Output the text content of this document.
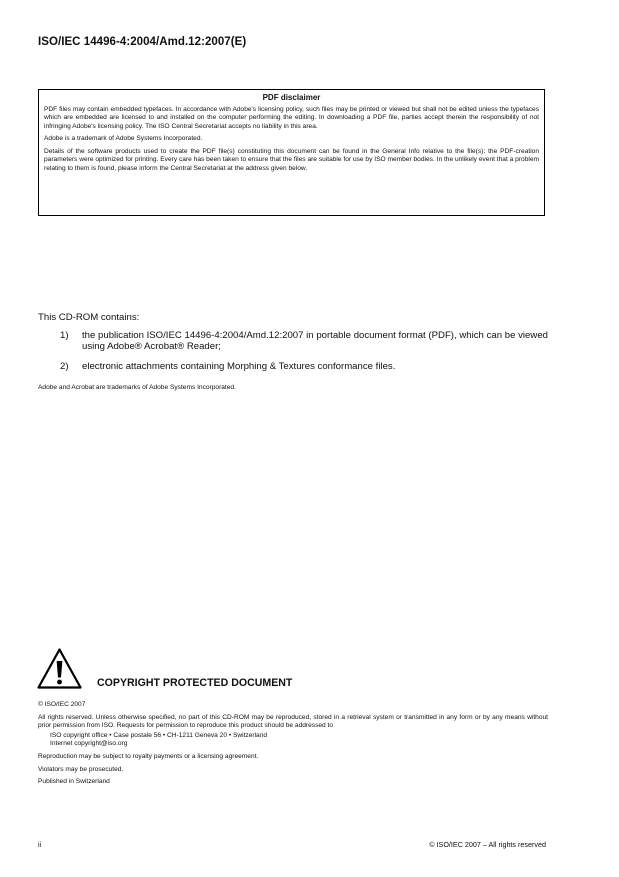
ISO/IEC 14496-4:2004/Amd.12:2007(E)
PDF disclaimer

PDF files may contain embedded typefaces. In accordance with Adobe's licensing policy, such files may be printed or viewed but shall not be edited unless the typefaces which are embedded are licensed to and installed on the computer performing the editing. In downloading a PDF file, parties accept therein the responsibility of not infringing Adobe's licensing policy. The ISO Central Secretariat accepts no liability in this area.

Adobe is a trademark of Adobe Systems Incorporated.

Details of the software products used to create the PDF file(s) constituting this document can be found in the General Info relative to the file(s); the PDF-creation parameters were optimized for printing. Every care has been taken to ensure that the files are suitable for use by ISO member bodies. In the unlikely event that a problem relating to them is found, please inform the Central Secretariat at the address given below.

This CD-ROM contains:
1) the publication ISO/IEC 14496-4:2004/Amd.12:2007 in portable document format (PDF), which can be viewed using Adobe® Acrobat® Reader;
2) electronic attachments containing Morphing & Textures conformance files.
Adobe and Acrobat are trademarks of Adobe Systems Incorporated.
COPYRIGHT PROTECTED DOCUMENT

© ISO/IEC 2007

All rights reserved. Unless otherwise specified, no part of this CD-ROM may be reproduced, stored in a retrieval system or transmitted in any form or by any means without prior permission from ISO. Requests for permission to reproduce this product should be addressed to

ISO copyright office • Case postale 56 • CH-1211 Geneva 20 • Switzerland

Internet copyright@iso.org

Reproduction may be subject to royalty payments or a licensing agreement.

Violators may be prosecuted.

Published in Switzerland

ii	© ISO/IEC 2007 – All rights reserved
